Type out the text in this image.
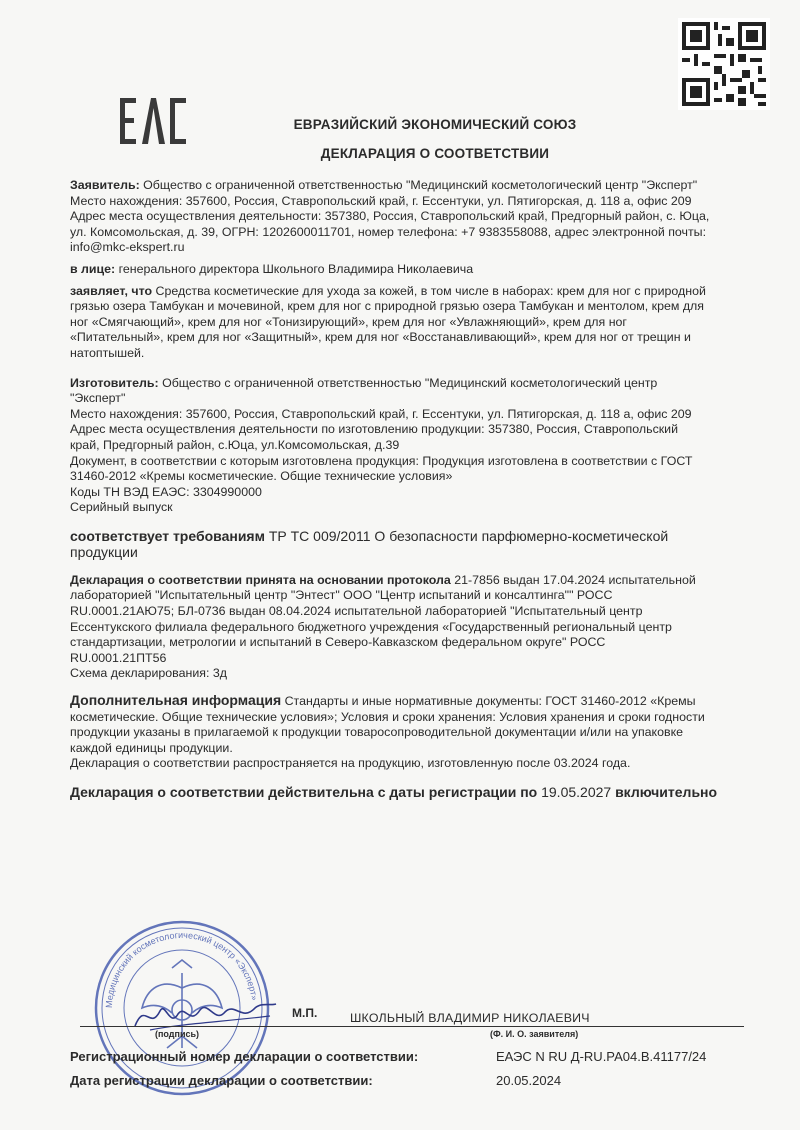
ЕВРАЗИЙСКИЙ ЭКОНОМИЧЕСКИЙ СОЮЗ
ДЕКЛАРАЦИЯ О СООТВЕТСТВИИ
Заявитель: Общество с ограниченной ответственностью "Медицинский косметологический центр "Эксперт"
Место нахождения: 357600, Россия, Ставропольский край, г. Ессентуки, ул. Пятигорская, д. 118 а, офис 209
Адрес места осуществления деятельности: 357380, Россия, Ставропольский край, Предгорный район, с. Юца,
ул. Комсомольская, д. 39, ОГРН: 1202600011701, номер телефона: +7 9383558088, адрес электронной почты:
info@mkc-ekspert.ru
в лице: генерального директора Школьного Владимира Николаевича
заявляет, что Средства косметические для ухода за кожей, в том числе в наборах: крем для ног с природной
грязью озера Тамбукан и мочевиной, крем для ног с природной грязью озера Тамбукан и ментолом, крем для
ног «Смягчающий», крем для ног «Тонизирующий», крем для ног «Увлажняющий», крем для ног
«Питательный», крем для ног «Защитный», крем для ног «Восстанавливающий», крем для ног от трещин и
натоптышей.
Изготовитель: Общество с ограниченной ответственностью "Медицинский косметологический центр
"Эксперт"
Место нахождения: 357600, Россия, Ставропольский край, г. Ессентуки, ул. Пятигорская, д. 118 а, офис 209
Адрес места осуществления деятельности по изготовлению продукции: 357380, Россия, Ставропольский
край, Предгорный район, с.Юца, ул.Комсомольская, д.39
Документ, в соответствии с которым изготовлена продукция: Продукция изготовлена в соответствии с ГОСТ
31460-2012 «Кремы косметические. Общие технические условия»
Коды ТН ВЭД ЕАЭС: 3304990000
Серийный выпуск
соответствует требованиям ТР ТС 009/2011 О безопасности парфюмерно-косметической
продукции
Декларация о соответствии принята на основании протокола 21-7856 выдан 17.04.2024 испытательной
лабораторией "Испытательный центр "Энтест" ООО "Центр испытаний и консалтинга"" РОСС
RU.0001.21АЮ75; БЛ-0736 выдан 08.04.2024 испытательной лабораторией "Испытательный центр
Ессентукского филиала федерального бюджетного учреждения «Государственный региональный центр
стандартизации, метрологии и испытаний в Северо-Кавказском федеральном округе" РОСС
RU.0001.21ПТ56
Схема декларирования: 3д
Дополнительная информация Стандарты и иные нормативные документы: ГОСТ 31460-2012 «Кремы
косметические. Общие технические условия»; Условия и сроки хранения: Условия хранения и сроки годности
продукции указаны в прилагаемой к продукции товаросопроводительной документации и/или на упаковке
каждой единицы продукции.
Декларация о соответствии распространяется на продукцию, изготовленную после 03.2024 года.
Декларация о соответствии действительна с даты регистрации по 19.05.2027 включительно
Медицинский косметологический центр «Эксперт»
М.П.	ШКОЛЬНЫЙ ВЛАДИМИР НИКОЛАЕВИЧ
(подпись)	(Ф. И. О. заявителя)
Регистрационный номер декларации о соответствии:	ЕАЭС N RU Д-RU.РА04.В.41177/24
Дата регистрации декларации о соответствии:	20.05.2024
